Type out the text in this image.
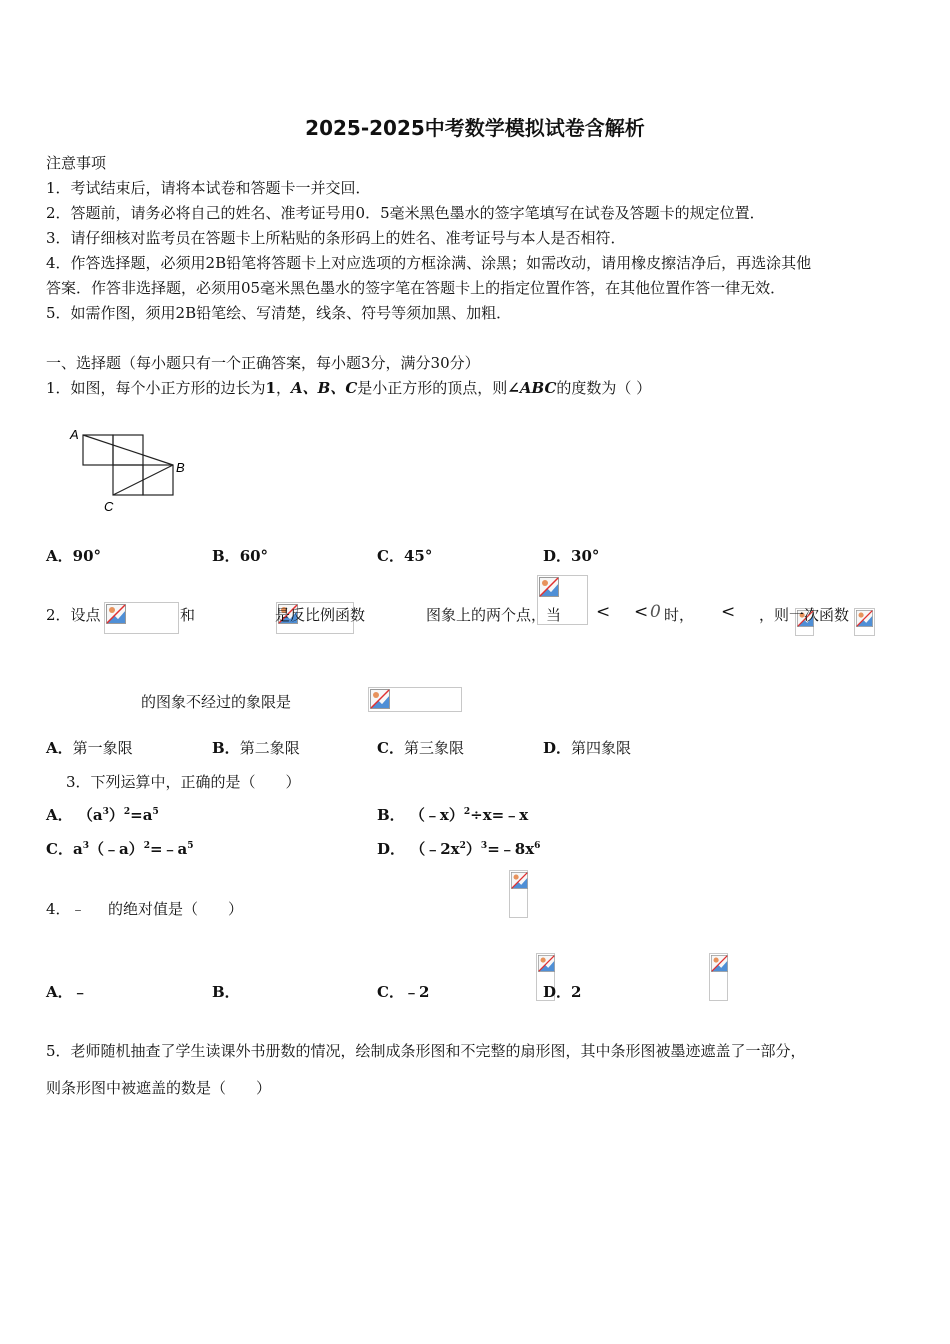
2025-2025中考数学模拟试卷含解析
注意事项
1．考试结束后，请将本试卷和答题卡一并交回．
2．答题前，请务必将自己的姓名、准考证号用0．5毫米黑色墨水的签字笔填写在试卷及答题卡的规定位置．
3．请仔细核对监考员在答题卡上所粘贴的条形码上的姓名、准考证号与本人是否相符．
4．作答选择题，必须用2B铅笔将答题卡上对应选项的方框涂满、涂黑；如需改动，请用橡皮擦洁净后，再选涂其他
答案．作答非选择题，必须用05毫米黑色墨水的签字笔在答题卡上的指定位置作答，在其他位置作答一律无效．
5．如需作图，须用2B铅笔绘、写清楚，线条、符号等须加黑、加粗．
一、选择题（每小题只有一个正确答案，每小题3分，满分30分）
1．如图，每个小正方形的边长为1，A、B、C是小正方形的顶点，则∠ABC的度数为（ ）
A
B
C
A．90°	B．60°	C．45°	D．30°
2．设点
	和
	是反比例函数
	图象上的两个点，当
<
< 0 时，
<
，则一次函数

的图象不经过的象限是
A．第一象限	B．第二象限	C．第三象限	D．第四象限
3．下列运算中，正确的是（　　）
A． $(a^3)^2=a^5$	B． （﹣x）$^2$÷x=﹣x
C．$a^3(﹣a)^2=﹣a^5$	D． $(﹣2x^2)^3=﹣8x^6$
4．﹣
的绝对值是（　　）
A．﹣
	B．	C．﹣2	D．2
5．老师随机抽查了学生读课外书册数的情况，绘制成条形图和不完整的扇形图，其中条形图被墨迹遮盖了一部分，
则条形图中被遮盖的数是（　　）
